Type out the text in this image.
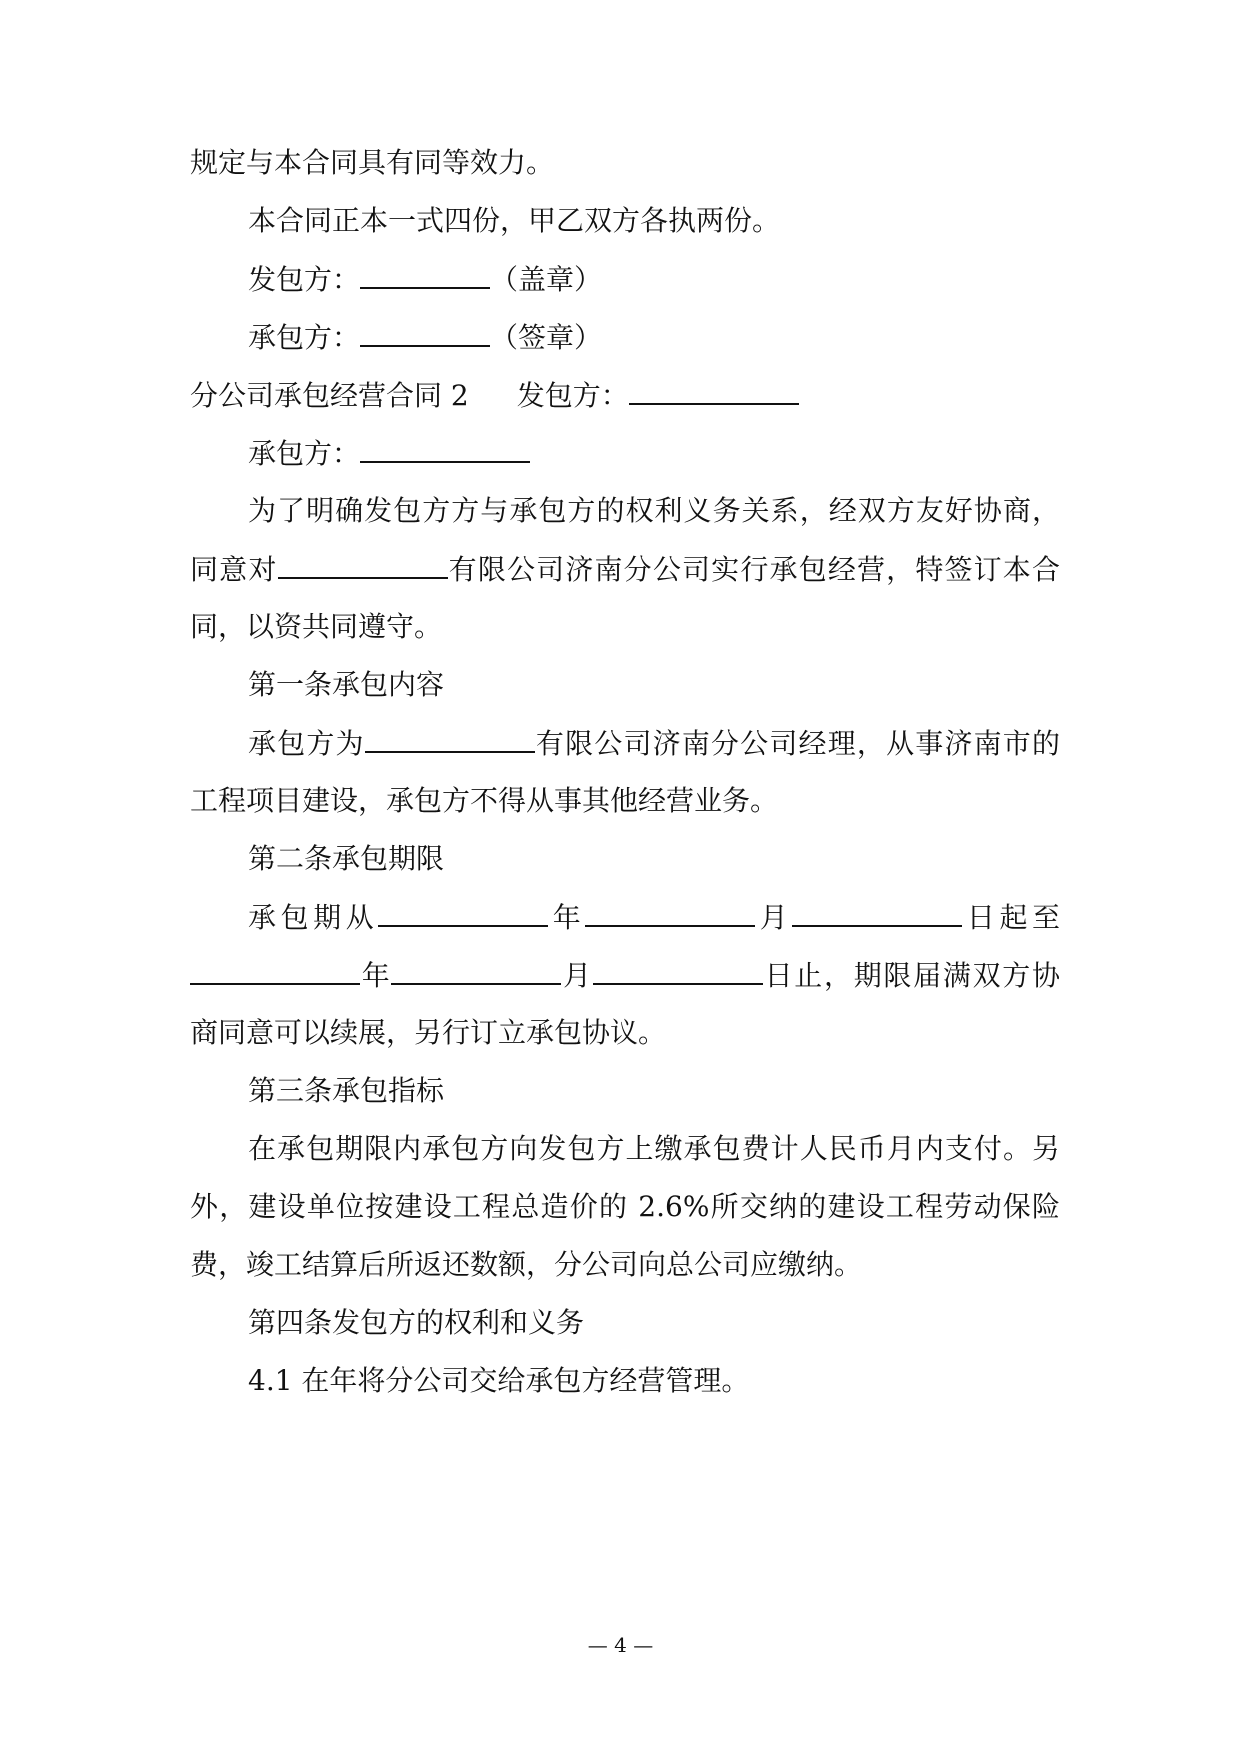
规定与本合同具有同等效力。
本合同正本一式四份，甲乙双方各执两份。
发包方：	（盖章）
承包方：	（签章）
分公司承包经营合同 2 发包方：
承包方：
为了明确发包方方与承包方的权利义务关系，经双方友好协商，
同意对	有限公司济南分公司实行承包经营，特签订本合
同，以资共同遵守。
第一条承包内容
承包方为	有限公司济南分公司经理，从事济南市的
工程项目建设，承包方不得从事其他经营业务。
第二条承包期限
承包期从	年	月	日起至
年	月	日止，期限届满双方协
商同意可以续展，另行订立承包协议。
第三条承包指标
在承包期限内承包方向发包方上缴承包费计人民币月内支付。另
外，建设单位按建设工程总造价的 2.6%所交纳的建设工程劳动保险
费，竣工结算后所返还数额，分公司向总公司应缴纳。
第四条发包方的权利和义务
4.1 在年将分公司交给承包方经营管理。
— 4 —
